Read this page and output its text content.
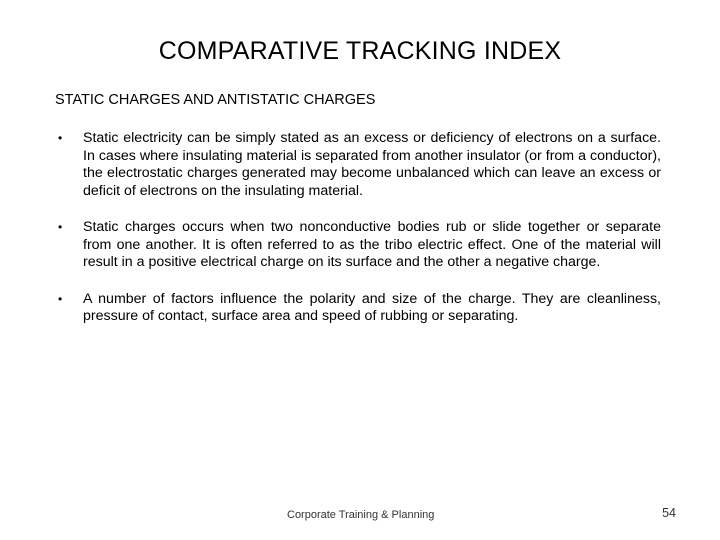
COMPARATIVE TRACKING INDEX
STATIC CHARGES AND ANTISTATIC CHARGES
• Static electricity can be simply stated as an excess or deficiency of electrons on a surface. In cases where insulating material is separated from another insulator (or from a conductor), the electrostatic charges generated may become unbalanced which can leave an excess or deficit of electrons on the insulating material.
• Static charges occurs when two nonconductive bodies rub or slide together or separate from one another. It is often referred to as the tribo electric effect. One of the material will result in a positive electrical charge on its surface and the other a negative charge.
• A number of factors influence the polarity and size of the charge. They are cleanliness, pressure of contact, surface area and speed of rubbing or separating.
Corporate Training & Planning	54
